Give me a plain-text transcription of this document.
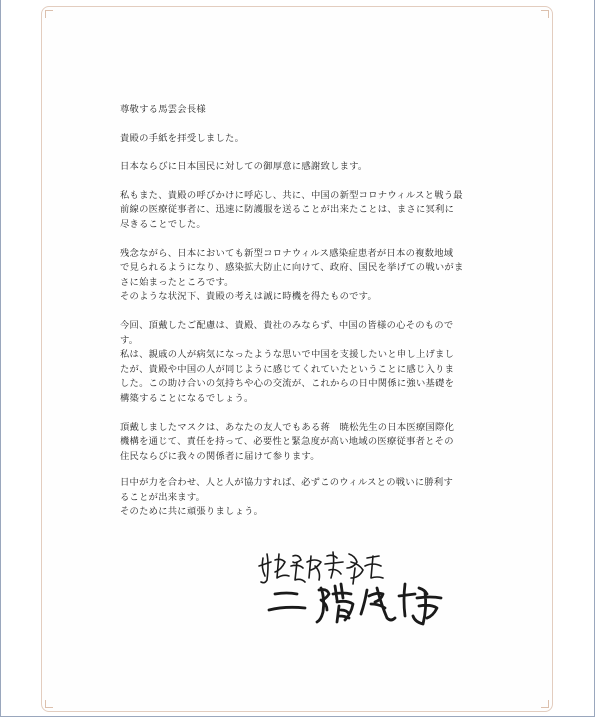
尊敬する馬雲会長様
貴殿の手紙を拝受しました。
日本ならびに日本国民に対しての御厚意に感謝致します。
私もまた、貴殿の呼びかけに呼応し、共に、中国の新型コロナウィルスと戦う最
前線の医療従事者に、迅速に防護服を送ることが出来たことは、まさに冥利に
尽きることでした。
残念ながら、日本においても新型コロナウィルス感染症患者が日本の複数地域
で見られるようになり、感染拡大防止に向けて、政府、国民を挙げての戦いがま
さに始まったところです。
そのような状況下、貴殿の考えは誠に時機を得たものです。
今回、頂戴したご配慮は、貴殿、貴社のみならず、中国の皆様の心そのもので
す。
私は、親戚の人が病気になったような思いで中国を支援したいと申し上げまし
たが、貴殿や中国の人が同じように感じてくれていたということに感じ入りま
した。この助け合いの気持ちや心の交流が、これからの日中関係に強い基礎を
構築することになるでしょう。
頂戴しましたマスクは、あなたの友人でもある蒋　暁松先生の日本医療国際化
機構を通じて、責任を持って、必要性と緊急度が高い地域の医療従事者とその
住民ならびに我々の関係者に届けて参ります。
日中が力を合わせ、人と人が協力すれば、必ずこのウィルスとの戦いに勝利す
ることが出来ます。
そのために共に頑張りましょう。
